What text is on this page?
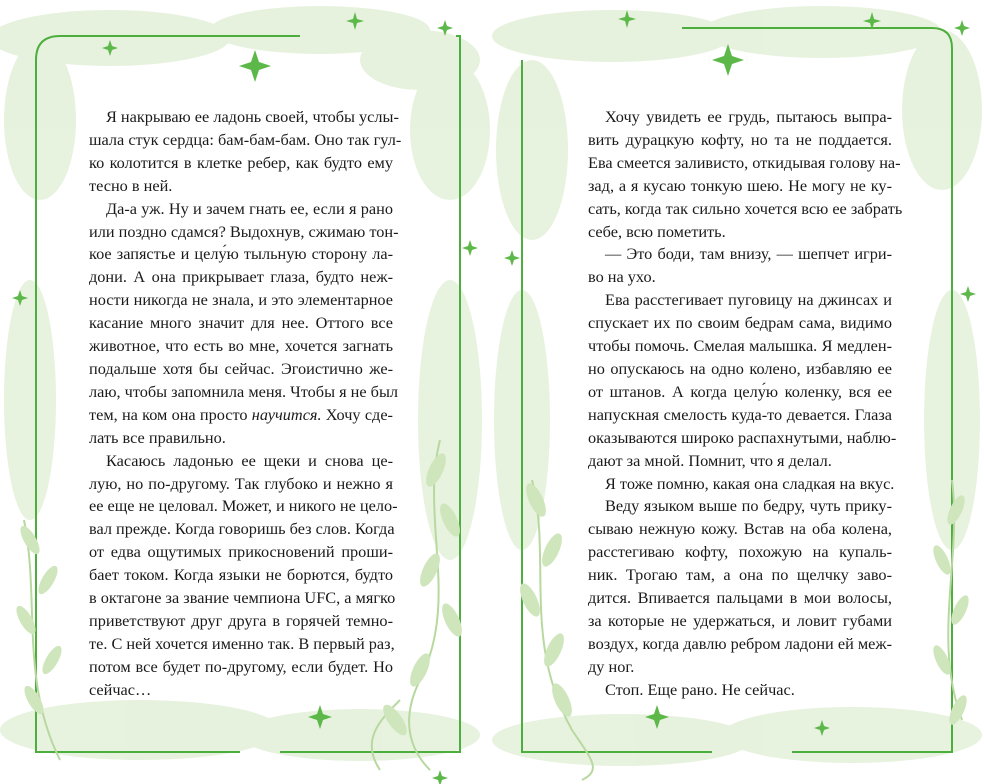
Я накрываю ее ладонь своей, чтобы услы-
шала стук сердца: бам-бам-бам. Оно так гул-
ко колотится в клетке ребер, как будто ему
тесно в ней.
Да-а уж. Ну и зачем гнать ее, если я рано
или поздно сдамся? Выдохнув, сжимаю тон-
кое запястье и целу́ю тыльную сторону ла-
дони. А она прикрывает глаза, будто неж-
ности никогда не знала, и это элементарное
касание много значит для нее. Оттого все
животное, что есть во мне, хочется загнать
подальше хотя бы сейчас. Эгоистично же-
лаю, чтобы запомнила меня. Чтобы я не был
тем, на ком она просто научится. Хочу сде-
лать все правильно.
Касаюсь ладонью ее щеки и снова це-
лую, но по-другому. Так глубоко и нежно я
ее еще не целовал. Может, и никого не цело-
вал прежде. Когда говоришь без слов. Когда
от едва ощутимых прикосновений проши-
бает током. Когда языки не борются, будто
в октагоне за звание чемпиона UFC, а мягко
приветствуют друг друга в горячей темно-
те. С ней хочется именно так. В первый раз,
потом все будет по-другому, если будет. Но
сейчас…
Хочу увидеть ее грудь, пытаюсь выпра-
вить дурацкую кофту, но та не поддается.
Ева смеется заливисто, откидывая голову на-
зад, а я кусаю тонкую шею. Не могу не ку-
сать, когда так сильно хочется всю ее забрать
себе, всю пометить.
— Это боди, там внизу, — шепчет игри-
во на ухо.
Ева расстегивает пуговицу на джинсах и
спускает их по своим бедрам сама, видимо
чтобы помочь. Смелая малышка. Я медлен-
но опускаюсь на одно колено, избавляю ее
от штанов. А когда целу́ю коленку, вся ее
напускная смелость куда-то девается. Глаза
оказываются широко распахнутыми, наблю-
дают за мной. Помнит, что я делал.
Я тоже помню, какая она сладкая на вкус.
Веду языком выше по бедру, чуть прику-
сываю нежную кожу. Встав на оба колена,
расстегиваю кофту, похожую на купаль-
ник. Трогаю там, а она по щелчку заво-
дится. Впивается пальцами в мои волосы,
за которые не удержаться, и ловит губами
воздух, когда давлю ребром ладони ей меж-
ду ног.
Стоп. Еще рано. Не сейчас.
